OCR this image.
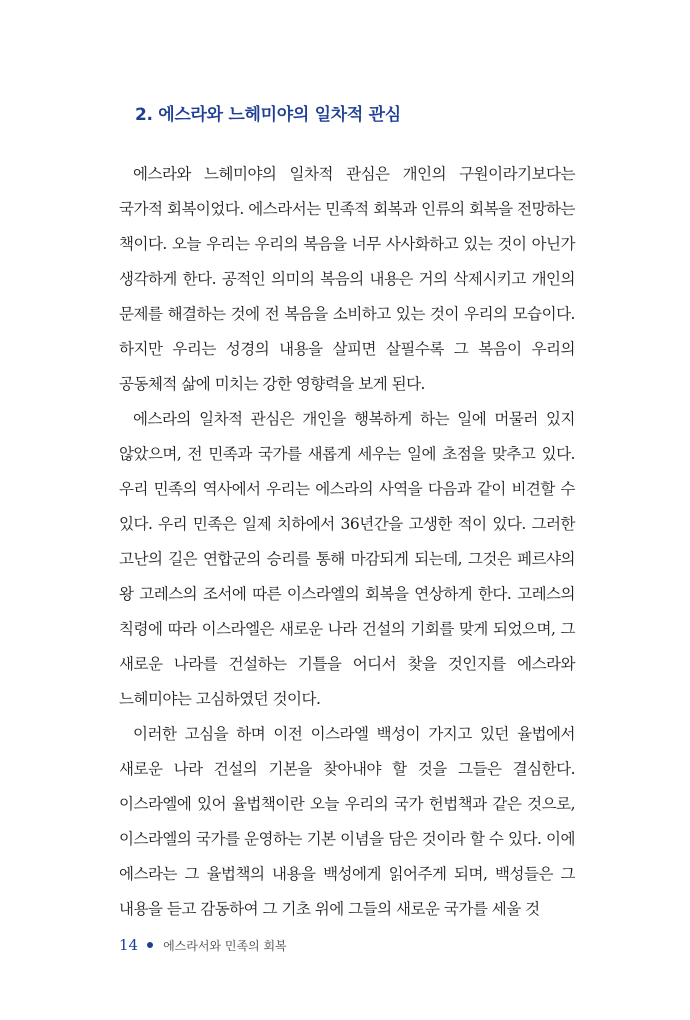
2. 에스라와 느헤미야의 일차적 관심

에스라와 느헤미야의 일차적 관심은 개인의 구원이라기보다는 국가적 회복이었다. 에스라서는 민족적 회복과 인류의 회복을 전망하는 책이다. 오늘 우리는 우리의 복음을 너무 사사화하고 있는 것이 아닌가 생각하게 한다. 공적인 의미의 복음의 내용은 거의 삭제시키고 개인의 문제를 해결하는 것에 전 복음을 소비하고 있는 것이 우리의 모습이다. 하지만 우리는 성경의 내용을 살피면 살필수록 그 복음이 우리의 공동체적 삶에 미치는 강한 영향력을 보게 된다.

에스라의 일차적 관심은 개인을 행복하게 하는 일에 머물러 있지 않았으며, 전 민족과 국가를 새롭게 세우는 일에 초점을 맞추고 있다. 우리 민족의 역사에서 우리는 에스라의 사역을 다음과 같이 비견할 수 있다. 우리 민족은 일제 치하에서 36년간을 고생한 적이 있다. 그러한 고난의 길은 연합군의 승리를 통해 마감되게 되는데, 그것은 페르샤의 왕 고레스의 조서에 따른 이스라엘의 회복을 연상하게 한다. 고레스의 칙령에 따라 이스라엘은 새로운 나라 건설의 기회를 맞게 되었으며, 그 새로운 나라를 건설하는 기틀을 어디서 찾을 것인지를 에스라와 느헤미야는 고심하였던 것이다.

이러한 고심을 하며 이전 이스라엘 백성이 가지고 있던 율법에서 새로운 나라 건설의 기본을 찾아내야 할 것을 그들은 결심한다. 이스라엘에 있어 율법책이란 오늘 우리의 국가 헌법책과 같은 것으로, 이스라엘의 국가를 운영하는 기본 이념을 담은 것이라 할 수 있다. 이에 에스라는 그 율법책의 내용을 백성에게 읽어주게 되며, 백성들은 그 내용을 듣고 감동하여 그 기초 위에 그들의 새로운 국가를 세울 것

14 에스라서와 민족의 회복
